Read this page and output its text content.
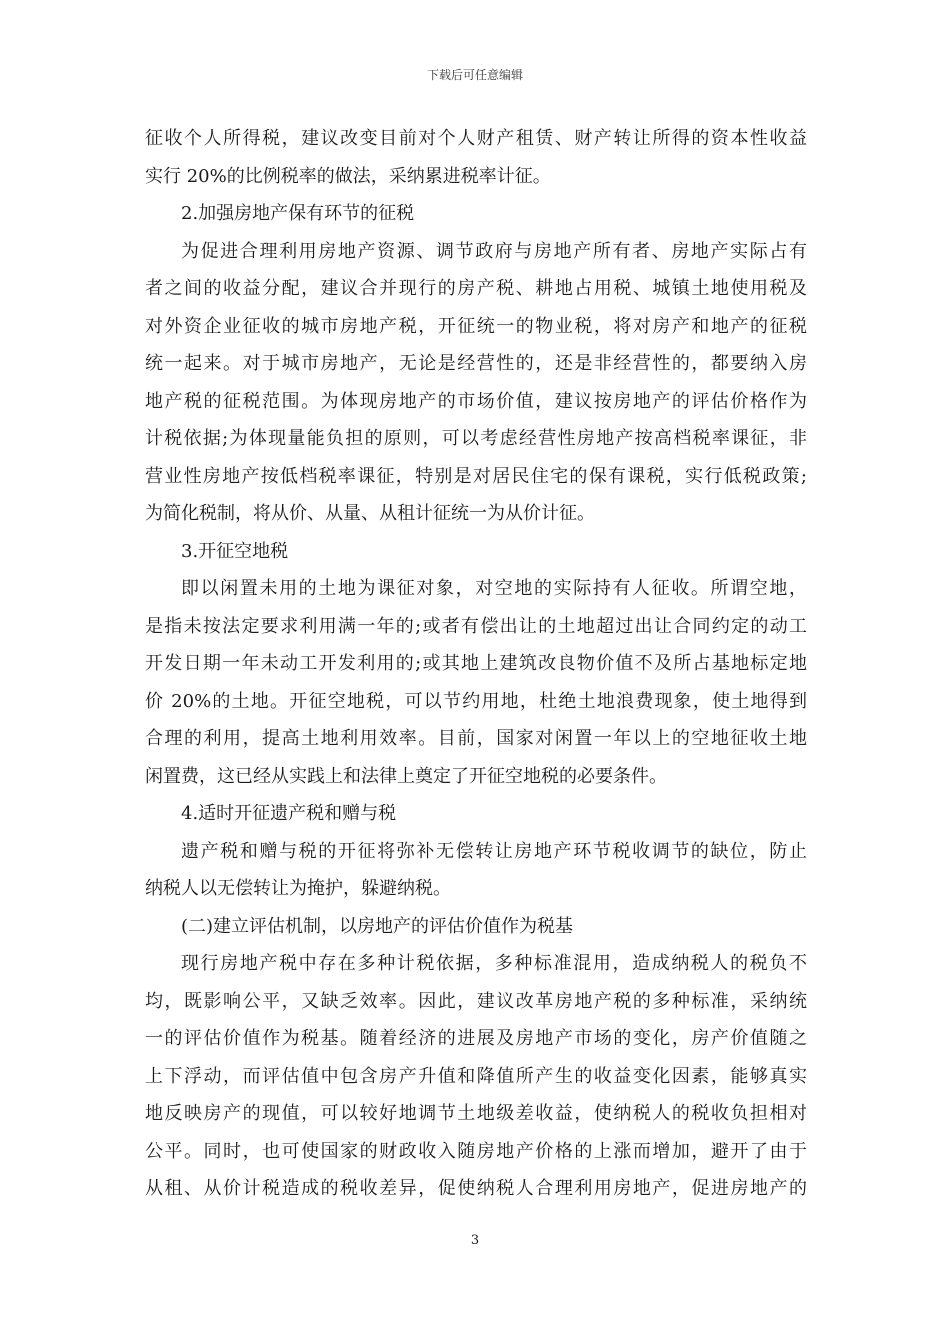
下载后可任意编辑
征收个人所得税，建议改变目前对个人财产租赁、财产转让所得的资本性收益
实行 20%的比例税率的做法，采纳累进税率计征。
2.加强房地产保有环节的征税
为促进合理利用房地产资源、调节政府与房地产所有者、房地产实际占有
者之间的收益分配，建议合并现行的房产税、耕地占用税、城镇土地使用税及
对外资企业征收的城市房地产税，开征统一的物业税，将对房产和地产的征税
统一起来。对于城市房地产，无论是经营性的，还是非经营性的，都要纳入房
地产税的征税范围。为体现房地产的市场价值，建议按房地产的评估价格作为
计税依据;为体现量能负担的原则，可以考虑经营性房地产按高档税率课征，非
营业性房地产按低档税率课征，特别是对居民住宅的保有课税，实行低税政策;
为简化税制，将从价、从量、从租计征统一为从价计征。
3.开征空地税
即以闲置未用的土地为课征对象，对空地的实际持有人征收。所谓空地，
是指未按法定要求利用满一年的;或者有偿出让的土地超过出让合同约定的动工
开发日期一年未动工开发利用的;或其地上建筑改良物价值不及所占基地标定地
价 20%的土地。开征空地税，可以节约用地，杜绝土地浪费现象，使土地得到
合理的利用，提高土地利用效率。目前，国家对闲置一年以上的空地征收土地
闲置费，这已经从实践上和法律上奠定了开征空地税的必要条件。
4.适时开征遗产税和赠与税
遗产税和赠与税的开征将弥补无偿转让房地产环节税收调节的缺位，防止
纳税人以无偿转让为掩护，躲避纳税。
(二)建立评估机制，以房地产的评估价值作为税基
现行房地产税中存在多种计税依据，多种标准混用，造成纳税人的税负不
均，既影响公平，又缺乏效率。因此，建议改革房地产税的多种标准，采纳统
一的评估价值作为税基。随着经济的进展及房地产市场的变化，房产价值随之
上下浮动，而评估值中包含房产升值和降值所产生的收益变化因素，能够真实
地反映房产的现值，可以较好地调节土地级差收益，使纳税人的税收负担相对
公平。同时，也可使国家的财政收入随房地产价格的上涨而增加，避开了由于
从租、从价计税造成的税收差异，促使纳税人合理利用房地产，促进房地产的
3
